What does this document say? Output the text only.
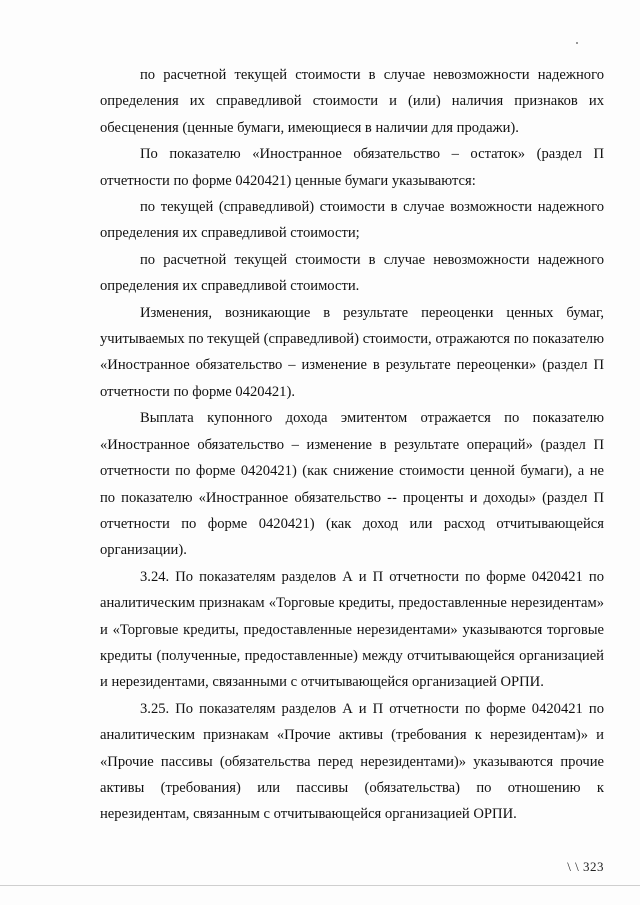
по расчетной текущей стоимости в случае невозможности надежного определения их справедливой стоимости и (или) наличия признаков их обесценения (ценные бумаги, имеющиеся в наличии для продажи).

По показателю «Иностранное обязательство – остаток» (раздел П отчетности по форме 0420421) ценные бумаги указываются:

по текущей (справедливой) стоимости в случае возможности надежного определения их справедливой стоимости;

по расчетной текущей стоимости в случае невозможности надежного определения их справедливой стоимости.

Изменения, возникающие в результате переоценки ценных бумаг, учитываемых по текущей (справедливой) стоимости, отражаются по показателю «Иностранное обязательство – изменение в результате переоценки» (раздел П отчетности по форме 0420421).

Выплата купонного дохода эмитентом отражается по показателю «Иностранное обязательство – изменение в результате операций» (раздел П отчетности по форме 0420421) (как снижение стоимости ценной бумаги), а не по показателю «Иностранное обязательство -- проценты и доходы» (раздел П отчетности по форме 0420421) (как доход или расход отчитывающейся организации).

3.24. По показателям разделов А и П отчетности по форме 0420421 по аналитическим признакам «Торговые кредиты, предоставленные нерезидентам» и «Торговые кредиты, предоставленные нерезидентами» указываются торговые кредиты (полученные, предоставленные) между отчитывающейся организацией и нерезидентами, связанными с отчитывающейся организацией ОРПИ.

3.25. По показателям разделов А и П отчетности по форме 0420421 по аналитическим признакам «Прочие активы (требования к нерезидентам)» и «Прочие пассивы (обязательства перед нерезидентами)» указываются прочие активы (требования) или пассивы (обязательства) по отношению к нерезидентам, связанным с отчитывающейся организацией ОРПИ.

\ \ 323
